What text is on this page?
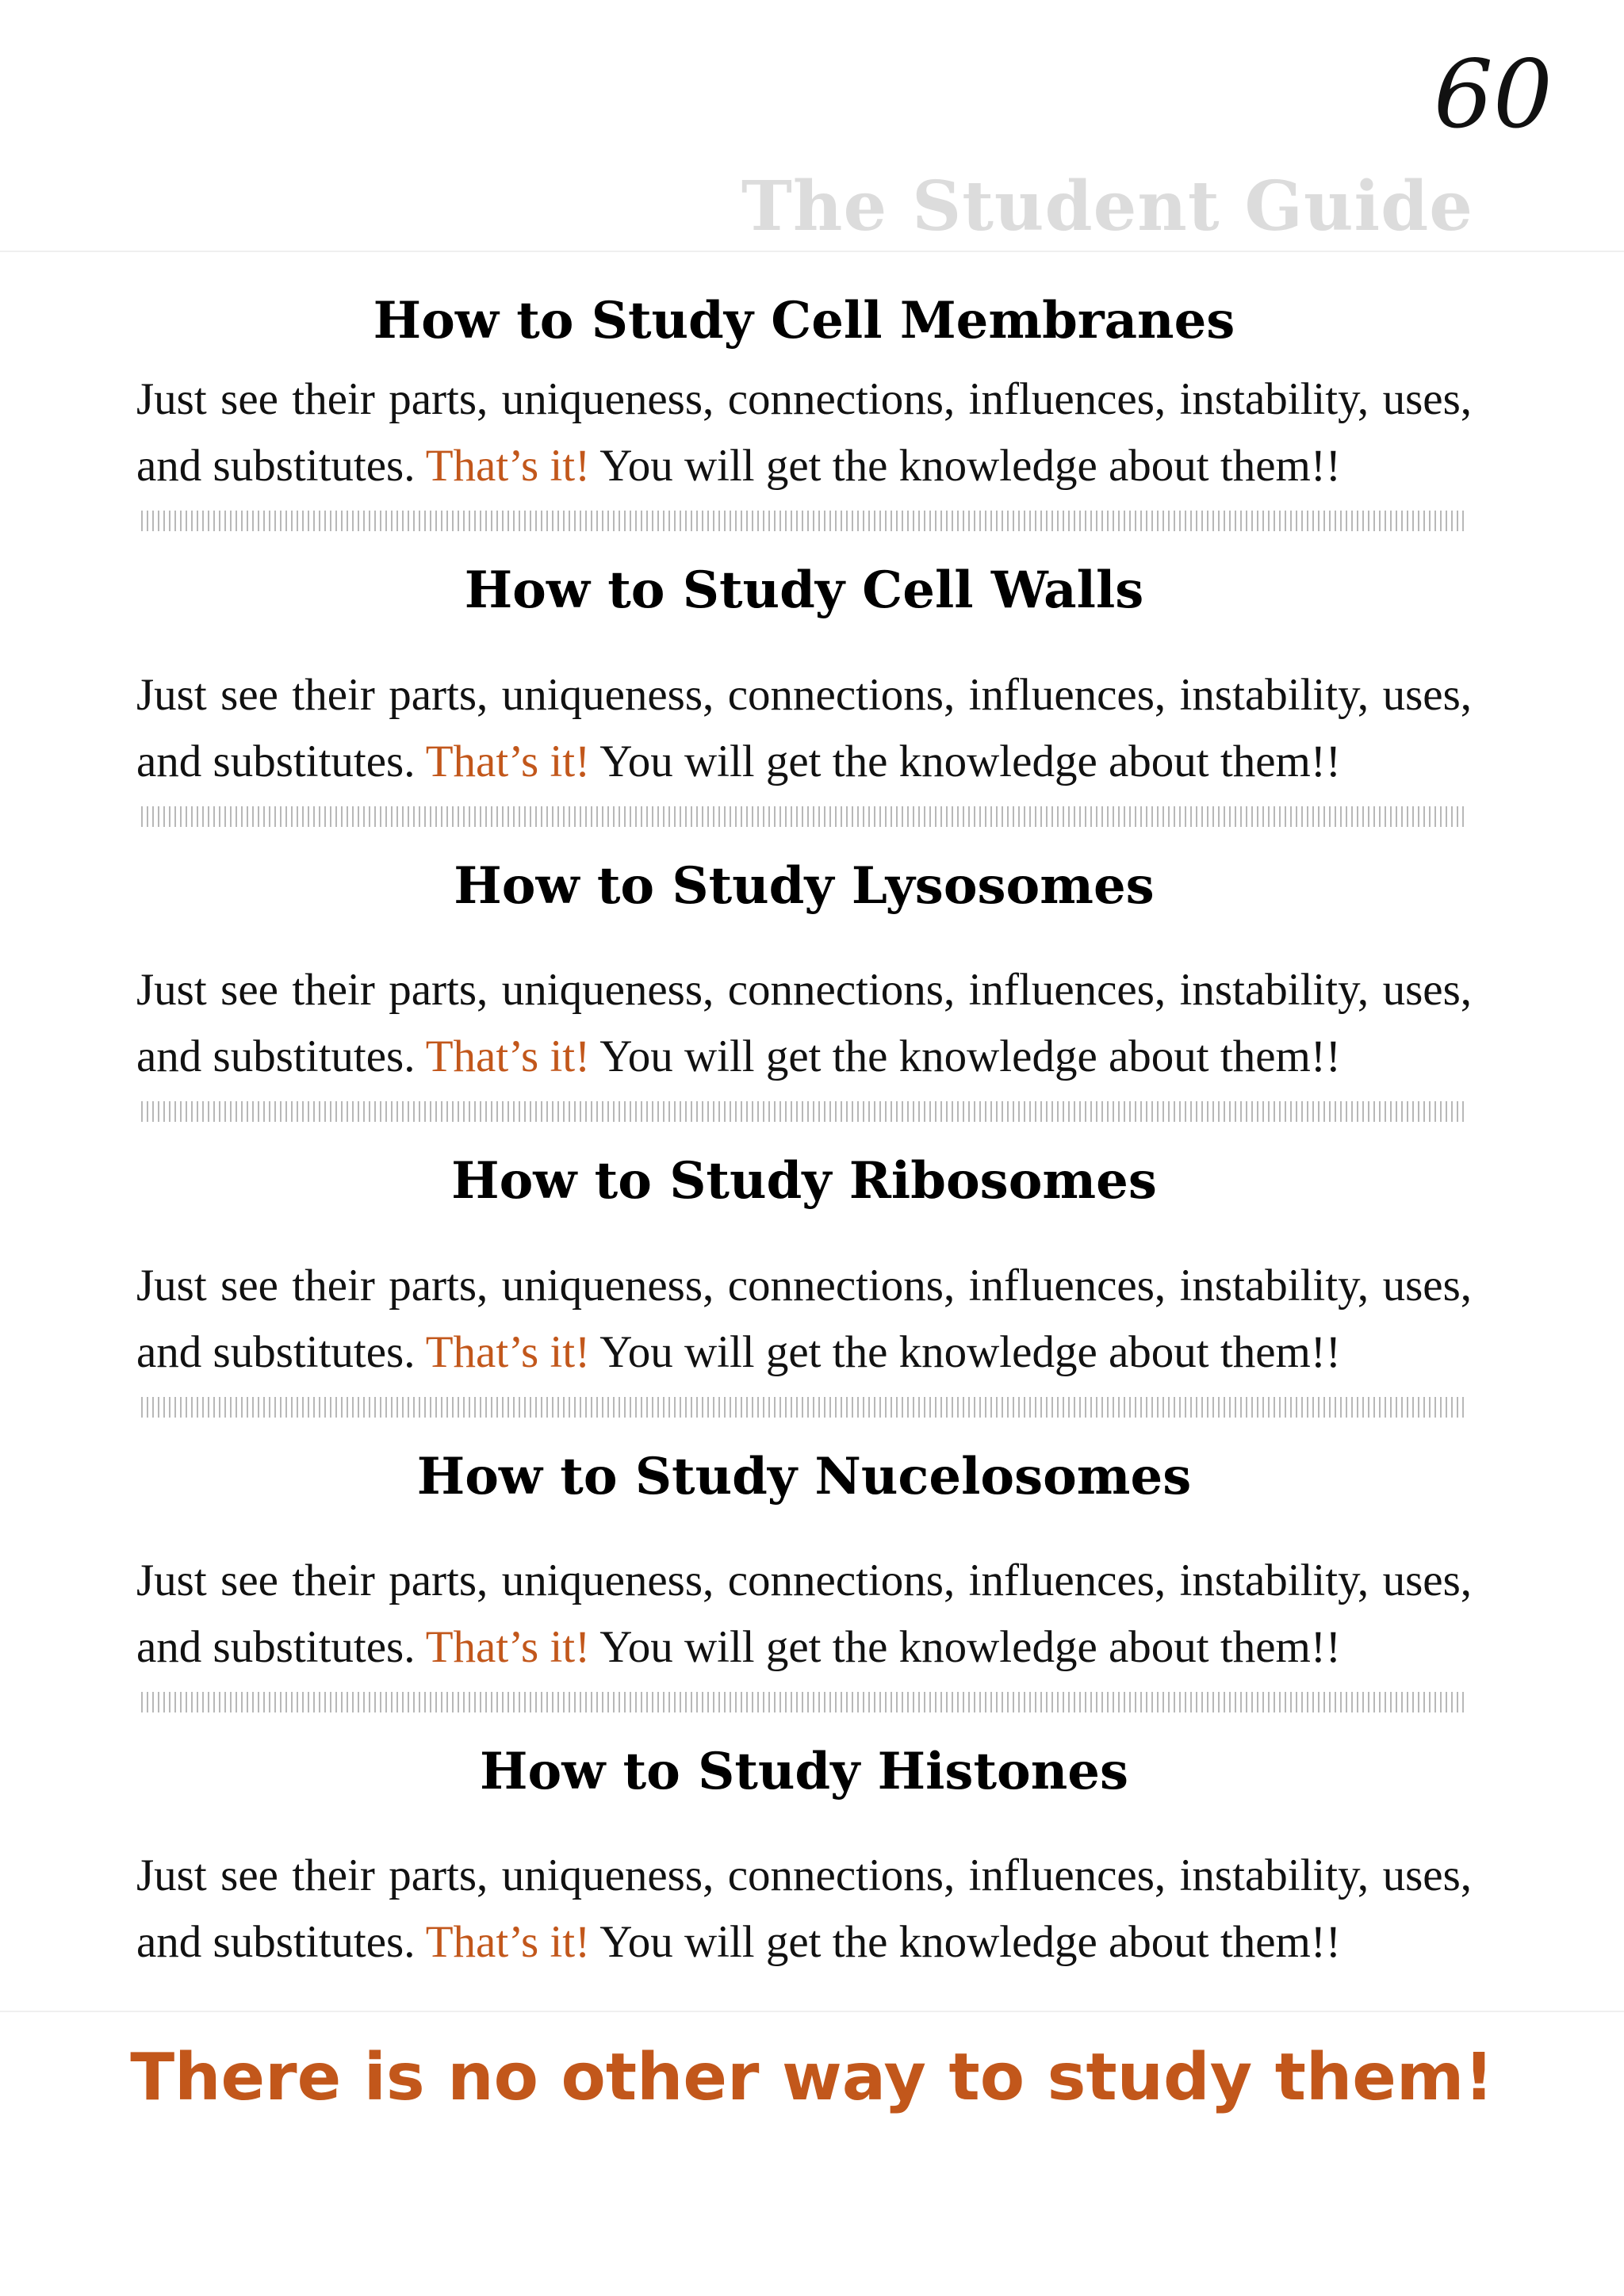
60
The Student Guide
How to Study Cell Membranes

Just see their parts, uniqueness, connections, influences, instability, uses, and substitutes. That’s it! You will get the knowledge about them!!

How to Study Cell Walls

Just see their parts, uniqueness, connections, influences, instability, uses, and substitutes. That’s it! You will get the knowledge about them!!

How to Study Lysosomes

Just see their parts, uniqueness, connections, influences, instability, uses, and substitutes. That’s it! You will get the knowledge about them!!

How to Study Ribosomes

Just see their parts, uniqueness, connections, influences, instability, uses, and substitutes. That’s it! You will get the knowledge about them!!

How to Study Nucelosomes

Just see their parts, uniqueness, connections, influences, instability, uses, and substitutes. That’s it! You will get the knowledge about them!!

How to Study Histones

Just see their parts, uniqueness, connections, influences, instability, uses, and substitutes. That’s it! You will get the knowledge about them!!

There is no other way to study them!
